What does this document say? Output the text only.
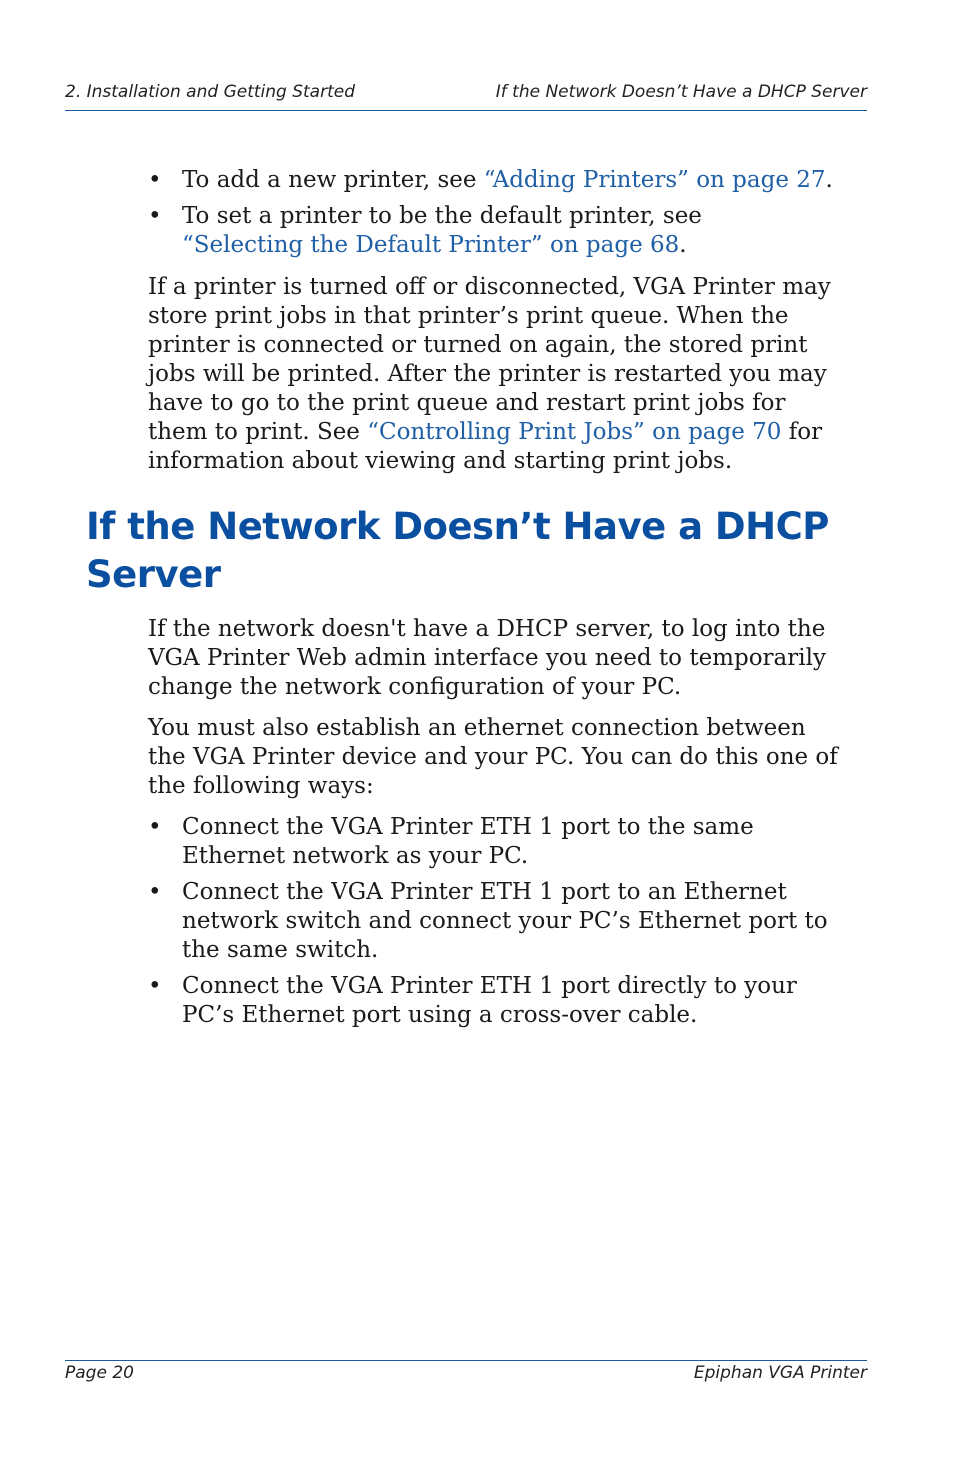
2. Installation and Getting Started	If the Network Doesn’t Have a DHCP Server
• To add a new printer, see “Adding Printers” on page 27.
• To set a printer to be the default printer, see “Selecting the Default Printer” on page 68.

If a printer is turned off or disconnected, VGA Printer may store print jobs in that printer’s print queue. When the printer is connected or turned on again, the stored print jobs will be printed. After the printer is restarted you may have to go to the print queue and restart print jobs for them to print. See “Controlling Print Jobs” on page 70 for information about viewing and starting print jobs.

If the Network Doesn’t Have a DHCP Server

If the network doesn't have a DHCP server, to log into the VGA Printer Web admin interface you need to temporarily change the network configuration of your PC.

You must also establish an ethernet connection between the VGA Printer device and your PC. You can do this one of the following ways:

• Connect the VGA Printer ETH 1 port to the same Ethernet network as your PC.
• Connect the VGA Printer ETH 1 port to an Ethernet network switch and connect your PC’s Ethernet port to the same switch.
• Connect the VGA Printer ETH 1 port directly to your PC’s Ethernet port using a cross-over cable.
Page 20	Epiphan VGA Printer
